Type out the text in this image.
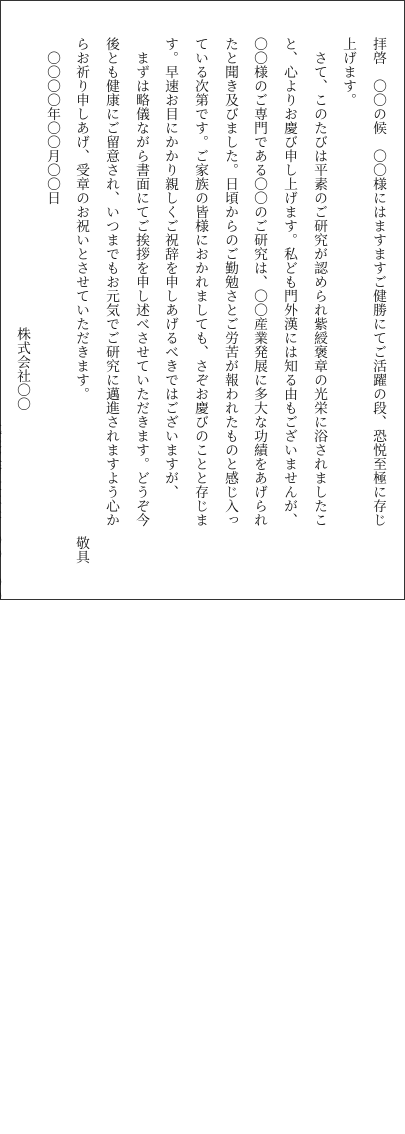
拝啓　〇〇の候　〇〇様にはますますご健勝にてご活躍の段、恐悦至極に存じ
上げます。
さて、このたびは平素のご研究が認められ紫綬褒章の光栄に浴されましたこ
と、心よりお慶び申し上げます。私ども門外漢には知る由もございませんが、
〇〇様のご専門である〇〇のご研究は、〇〇産業発展に多大な功績をあげられ
たと聞き及びました。日頃からのご勤勉さとご労苦が報われたものと感じ入っ
ている次第です。ご家族の皆様におかれましても、さぞお慶びのことと存じま
す。早速お目にかかり親しくご祝辞を申しあげるべきではございますが、
まずは略儀ながら書面にてご挨拶を申し述べさせていただきます。どうぞ今
後とも健康にご留意され、いつまでもお元気でご研究に邁進されますよう心か
らお祈り申しあげ、受章のお祝いとさせていただきます。
敬具
〇〇〇〇年〇〇月〇〇日
株式会社〇〇
